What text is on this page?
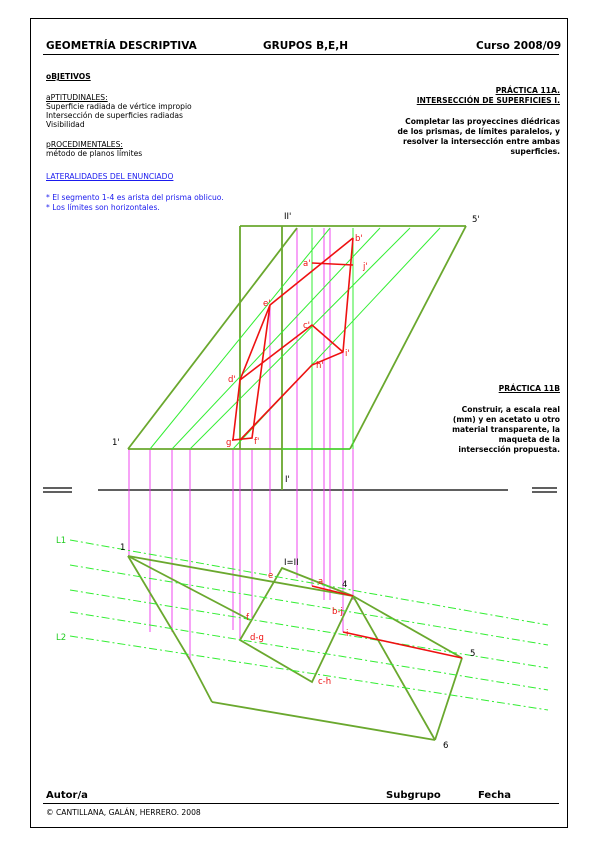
GEOMETRÍA DESCRIPTIVA	GRUPOS B,E,H	Curso 2008/09
oBJETIVOS
aPTITUDINALES:
Superficie radiada de vértice impropio
Intersección de superficies radiadas
Visibilidad
pROCEDIMENTALES:
método de planos límites
LATERALIDADES DEL ENUNCIADO
* El segmento 1-4 es arista del prisma oblicuo.
* Los límites son horizontales.
PRÁCTICA 11A.
INTERSECCIÓN DE SUPERFICIES I.
Completar las proyeccines diédricas
de los prismas, de límites paralelos, y
resolver la intersección entre ambas
superficies.
PRÁCTICA 11B
Construir, a escala real
(mm) y en acetato u otro
material transparente, la
maqueta de la
intersección propuesta.
II'	5'
1'
I'
1
I=II
4
5
6
b'
a'	j'
e'
c'
i'
d'
h'
g' f'
e
a
b-j
f
d-g	i
c-h
L1
L2
Autor/a	Subgrupo	Fecha
© CANTILLANA, GALÁN, HERRERO. 2008
